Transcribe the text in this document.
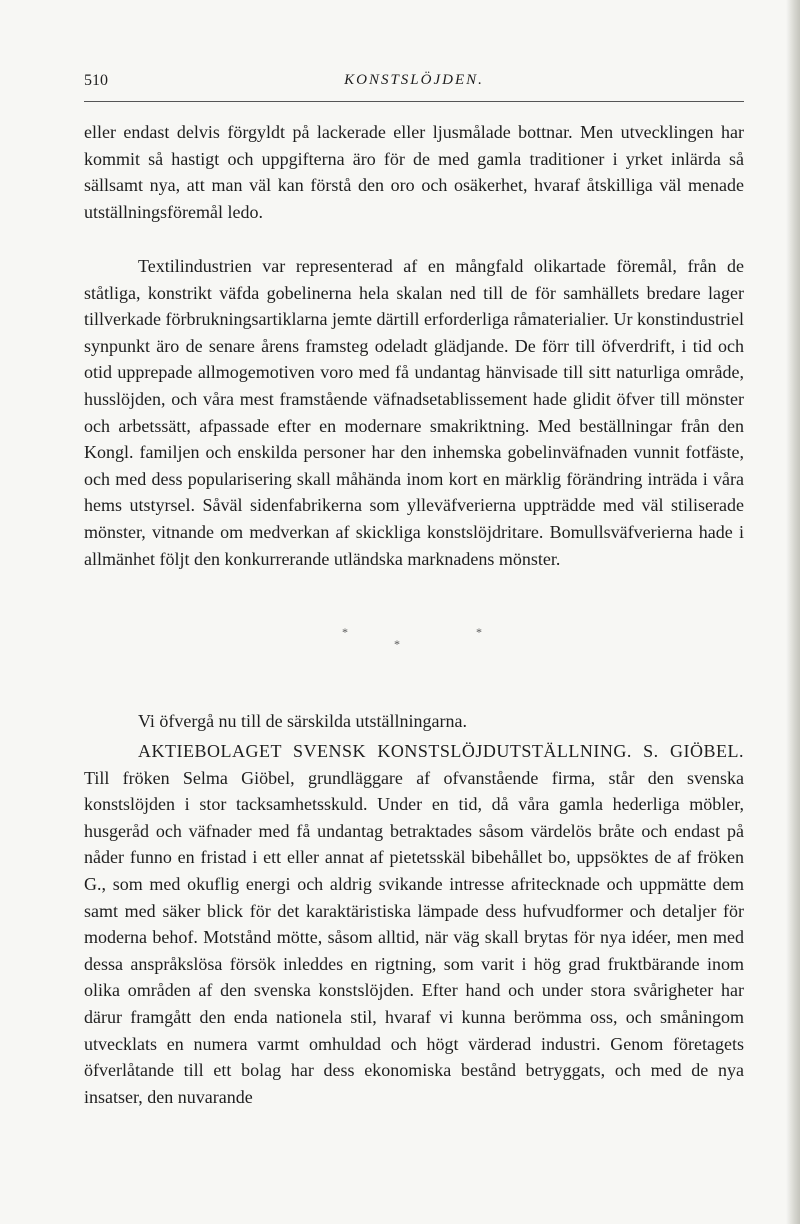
510	KONSTSLÖJDEN.

eller endast delvis förgyldt på lackerade eller ljusmålade bottnar. Men utvecklingen har kommit så hastigt och uppgifterna äro för de med gamla traditioner i yrket inlärda så sällsamt nya, att man väl kan förstå den oro och osäkerhet, hvaraf åtskilliga väl menade utställningsföremål ledo.

Textilindustrien var representerad af en mångfald olikartade föremål, från de ståtliga, konstrikt väfda gobelinerna hela skalan ned till de för samhällets bredare lager tillverkade förbrukningsartiklarna jemte därtill erforderliga råmaterialier. Ur konstindustriel synpunkt äro de senare årens framsteg odeladt glädjande. De förr till öfverdrift, i tid och otid upprepade allmogemotiven voro med få undantag hänvisade till sitt naturliga område, husslöjden, och våra mest framstående väfnadsetablissement hade glidit öfver till mönster och arbetssätt, afpassade efter en modernare smakriktning. Med beställningar från den Kongl. familjen och enskilda personer har den inhemska gobelinväfnaden vunnit fotfäste, och med dess popularisering skall måhända inom kort en märklig förändring inträda i våra hems utstyrsel. Såväl sidenfabrikerna som ylleväfverierna uppträdde med väl stiliserade mönster, vitnande om medverkan af skickliga konstslöjdritare. Bomullsväfverierna hade i allmänhet följt den konkurrerande utländska marknadens mönster.

*
*
*

Vi öfvergå nu till de särskilda utställningarna.

AKTIEBOLAGET SVENSK KONSTSLÖJDUTSTÄLLNING. S. GIÖBEL. Till fröken Selma Giöbel, grundläggare af ofvanstående firma, står den svenska konstslöjden i stor tacksamhetsskuld. Under en tid, då våra gamla hederliga möbler, husgeråd och väfnader med få undantag betraktades såsom värdelös bråte och endast på nåder funno en fristad i ett eller annat af pietetsskäl bibehållet bo, uppsöktes de af fröken G., som med okuflig energi och aldrig svikande intresse afritecknade och uppmätte dem samt med säker blick för det karaktäristiska lämpade dess hufvudformer och detaljer för moderna behof. Motstånd mötte, såsom alltid, när väg skall brytas för nya idéer, men med dessa anspråkslösa försök inleddes en rigtning, som varit i hög grad fruktbärande inom olika områden af den svenska konstslöjden. Efter hand och under stora svårigheter har därur framgått den enda nationela stil, hvaraf vi kunna berömma oss, och småningom utvecklats en numera varmt omhuldad och högt värderad industri. Genom företagets öfverlåtande till ett bolag har dess ekonomiska bestånd betryggats, och med de nya insatser, den nuvarande
